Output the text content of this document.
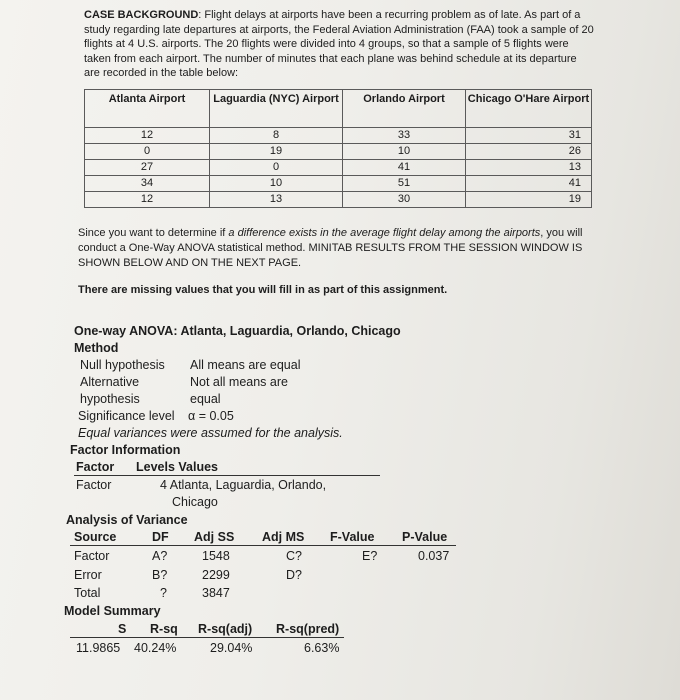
CASE BACKGROUND: Flight delays at airports have been a recurring problem as of late. As part of a study regarding late departures at airports, the Federal Aviation Administration (FAA) took a sample of 20 flights at 4 U.S. airports. The 20 flights were divided into 4 groups, so that a sample of 5 flights were taken from each airport. The number of minutes that each plane was behind schedule at its departure are recorded in the table below:
Atlanta Airport	Laguardia (NYC) Airport	Orlando Airport	Chicago O'Hare Airport
12	8	33	31
0	19	10	26
27	0	41	13
34	10	51	41
12	13	30	19
Since you want to determine if a difference exists in the average flight delay among the airports, you will conduct a One-Way ANOVA statistical method. MINITAB RESULTS FROM THE SESSION WINDOW IS SHOWN BELOW AND ON THE NEXT PAGE.
There are missing values that you will fill in as part of this assignment.
One-way ANOVA: Atlanta, Laguardia, Orlando, Chicago
Method
Null hypothesis All means are equal
Alternative	Not all means are
hypothesis	equal
Significance level α = 0.05
Equal variances were assumed for the analysis.
Factor Information
Factor Levels Values
Factor	4 Atlanta, Laguardia, Orlando,
Chicago
Analysis of Variance
Source	DF Adj SS Adj MS F-Value P-Value
Factor	A?	1548	C?	E?	0.037
Error	B?	2299	D?
Total	?	3847
Model Summary
S R-sq R-sq(adj) R-sq(pred)
11.9865 40.24%	29.04%	6.63%
